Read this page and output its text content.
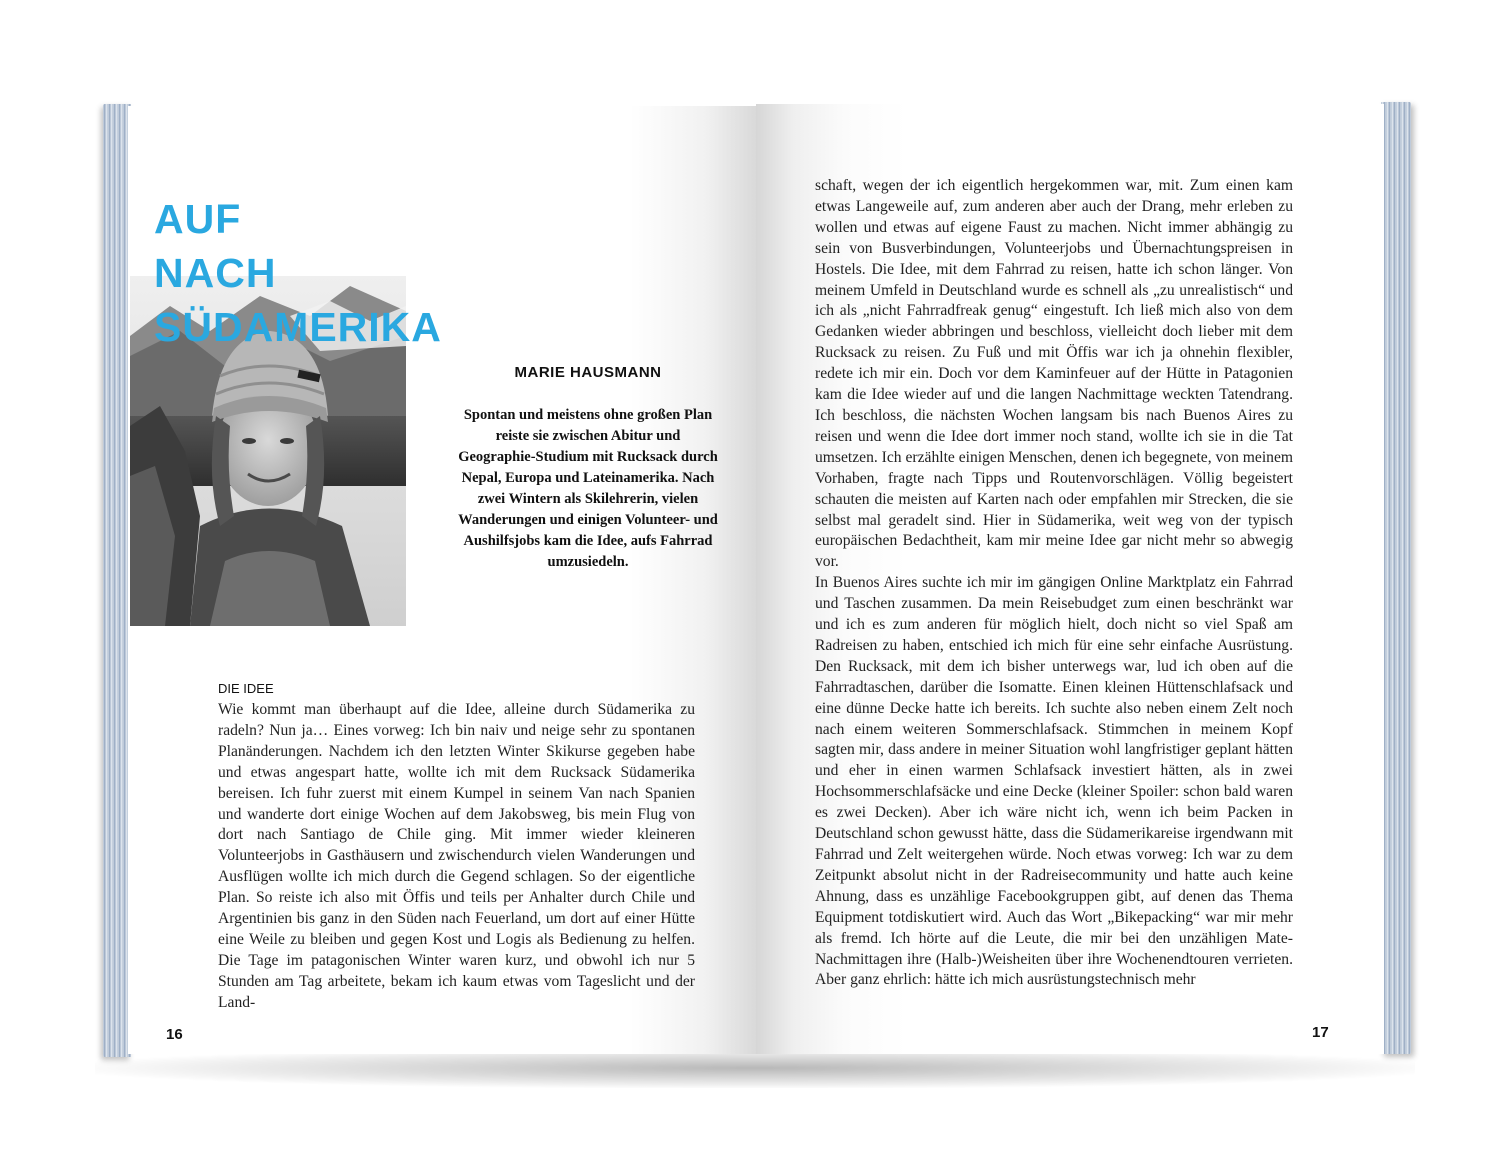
AUF
NACH
SÜDAMERIKA
MARIE HAUSMANN

Spontan und meistens ohne großen Plan reiste sie zwischen Abitur und Geographie-Studium mit Rucksack durch Nepal, Europa und Lateinamerika. Nach zwei Wintern als Skilehrerin, vielen Wanderungen und einigen Volunteer- und Aushilfsjobs kam die Idee, aufs Fahrrad umzusiedeln.

DIE IDEE

Wie kommt man überhaupt auf die Idee, alleine durch Südamerika zu radeln? Nun ja… Eines vorweg: Ich bin naiv und neige sehr zu spontanen Planänderungen. Nachdem ich den letzten Winter Skikurse gegeben habe und etwas angespart hatte, wollte ich mit dem Rucksack Südamerika bereisen. Ich fuhr zuerst mit einem Kumpel in seinem Van nach Spanien und wanderte dort einige Wochen auf dem Jakobsweg, bis mein Flug von dort nach Santiago de Chile ging. Mit immer wieder kleineren Volunteerjobs in Gasthäusern und zwischendurch vielen Wanderungen und Ausflügen wollte ich mich durch die Gegend schlagen. So der eigentliche Plan. So reiste ich also mit Öffis und teils per Anhalter durch Chile und Argentinien bis ganz in den Süden nach Feuerland, um dort auf einer Hütte eine Weile zu bleiben und gegen Kost und Logis als Bedienung zu helfen. Die Tage im patagonischen Winter waren kurz, und obwohl ich nur 5 Stunden am Tag arbeitete, bekam ich kaum etwas vom Tageslicht und der Land-

16

schaft, wegen der ich eigentlich hergekommen war, mit. Zum einen kam etwas Langeweile auf, zum anderen aber auch der Drang, mehr erleben zu wollen und etwas auf eigene Faust zu machen. Nicht immer abhängig zu sein von Busverbindungen, Volunteerjobs und Übernachtungspreisen in Hostels. Die Idee, mit dem Fahrrad zu reisen, hatte ich schon länger. Von meinem Umfeld in Deutschland wurde es schnell als „zu unrealistisch“ und ich als „nicht Fahrradfreak genug“ eingestuft. Ich ließ mich also von dem Gedanken wieder abbringen und beschloss, vielleicht doch lieber mit dem Rucksack zu reisen. Zu Fuß und mit Öffis war ich ja ohnehin flexibler, redete ich mir ein. Doch vor dem Kaminfeuer auf der Hütte in Patagonien kam die Idee wieder auf und die langen Nachmittage weckten Tatendrang. Ich beschloss, die nächsten Wochen langsam bis nach Buenos Aires zu reisen und wenn die Idee dort immer noch stand, wollte ich sie in die Tat umsetzen. Ich erzählte einigen Menschen, denen ich begegnete, von meinem Vorhaben, fragte nach Tipps und Routenvorschlägen. Völlig begeistert schauten die meisten auf Karten nach oder empfahlen mir Strecken, die sie selbst mal geradelt sind. Hier in Südamerika, weit weg von der typisch europäischen Bedachtheit, kam mir meine Idee gar nicht mehr so abwegig vor.

In Buenos Aires suchte ich mir im gängigen Online Marktplatz ein Fahrrad und Taschen zusammen. Da mein Reisebudget zum einen beschränkt war und ich es zum anderen für möglich hielt, doch nicht so viel Spaß am Radreisen zu haben, entschied ich mich für eine sehr einfache Ausrüstung. Den Rucksack, mit dem ich bisher unterwegs war, lud ich oben auf die Fahrradtaschen, darüber die Isomatte. Einen kleinen Hüttenschlafsack und eine dünne Decke hatte ich bereits. Ich suchte also neben einem Zelt noch nach einem weiteren Sommerschlafsack. Stimmchen in meinem Kopf sagten mir, dass andere in meiner Situation wohl langfristiger geplant hätten und eher in einen warmen Schlafsack investiert hätten, als in zwei Hochsommerschlafsäcke und eine Decke (kleiner Spoiler: schon bald waren es zwei Decken). Aber ich wäre nicht ich, wenn ich beim Packen in Deutschland schon gewusst hätte, dass die Südamerikareise irgendwann mit Fahrrad und Zelt weitergehen würde. Noch etwas vorweg: Ich war zu dem Zeitpunkt absolut nicht in der Radreisecommunity und hatte auch keine Ahnung, dass es unzählige Facebookgruppen gibt, auf denen das Thema Equipment totdiskutiert wird. Auch das Wort „Bikepacking“ war mir mehr als fremd. Ich hörte auf die Leute, die mir bei den unzähligen Mate-Nachmittagen ihre (Halb-)Weisheiten über ihre Wochenendtouren verrieten. Aber ganz ehrlich: hätte ich mich ausrüstungstechnisch mehr

17
